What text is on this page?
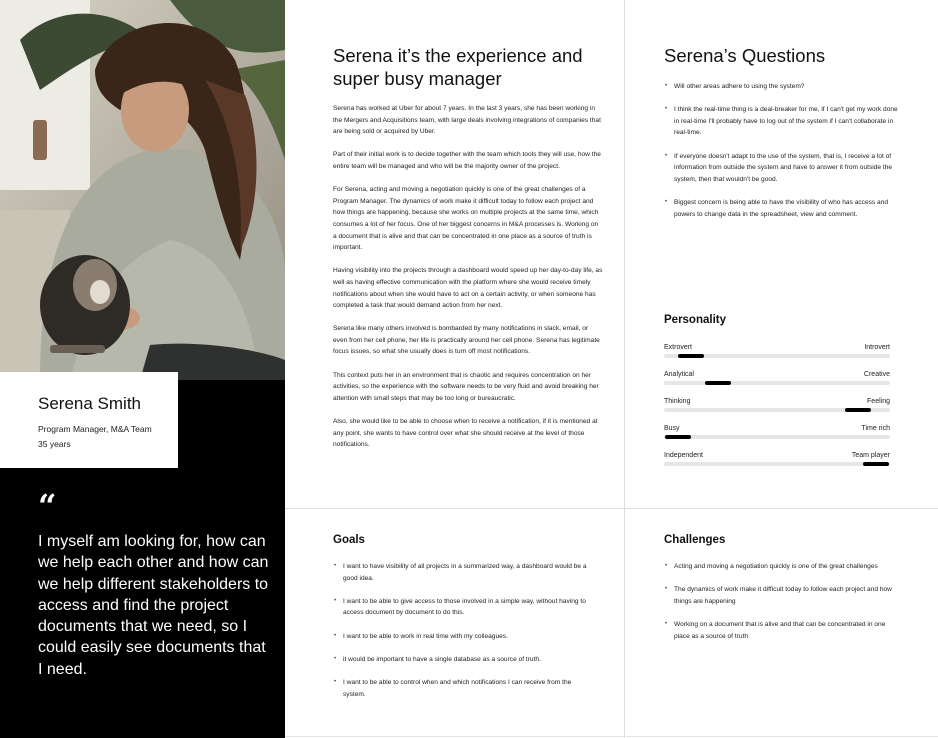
Serena Smith
Program Manager, M&A Team
35 years
“
I myself am looking for, how can we help each other and how can we help different stakeholders to access and find the project documents that we need, so I could easily see documents that I need.
Serena it’s the experience and super busy manager

Serena has worked at Uber for about 7 years. In the last 3 years, she has been working in the Mergers and Acquisitions team, with large deals involving integrations of companies that are being sold or acquired by Uber.

Part of their initial work is to decide together with the team which tools they will use, how the entire team will be managed and who will be the majority owner of the project.

For Serena, acting and moving a negotiation quickly is one of the great challenges of a Program Manager. The dynamics of work make it difficult today to follow each project and how things are happening, because she works on multiple projects at the same time, which consumes a lot of her focus. One of her biggest concerns in M&A processes is. Working on a document that is alive and that can be concentrated in one place as a source of truth is important.

Having visibility into the projects through a dashboard would speed up her day-to-day life, as well as having effective communication with the platform where she would receive timely notifications about when she would have to act on a certain activity, or when someone has completed a task that would demand action from her next.

Serena like many others involved is bombarded by many notifications in slack, email, or even from her cell phone, her life is practically around her cell phone. Serena has legitimate focus issues, so what she usually does is turn off most notifications.

This context puts her in an environment that is chaotic and requires concentration on her activities, so the experience with the software needs to be very fluid and avoid breaking her attention with small steps that may be too long or bureaucratic.

Also, she would like to be able to choose when to receive a notification, if it is mentioned at any point, she wants to have control over what she should receive at the level of those notifications.

Serena’s Questions
• Will other areas adhere to using the system?
• I think the real-time thing is a deal-breaker for me, if I can't get my work done in real-time I'll probably have to log out of the system if I can't collaborate in real-time.
• If everyone doesn't adapt to the use of the system, that is, I receive a lot of information from outside the system and have to answer it from outside the system, then that wouldn't be good.
• Biggest concern is being able to have the visibility of who has access and powers to change data in the spreadsheet, view and comment.
Personality
Extrovert	Introvert
Analytical	Creative
Thinking	Feeling
Busy	Time rich
Independent	Team player
Goals
• I want to have visibility of all projects in a summarized way, a dashboard would be a good idea.
• I want to be able to give access to those involved in a simple way, without having to access document by document to do this.
• I want to be able to work in real time with my colleagues.
• it would be important to have a single database as a source of truth.
• I want to be able to control when and which notifications I can receive from the system.
Challenges
• Acting and moving a negotiation quickly is one of the great challenges
• The dynamics of work make it difficult today to follow each project and how things are happening
• Working on a document that is alive and that can be concentrated in one place as a source of truth
